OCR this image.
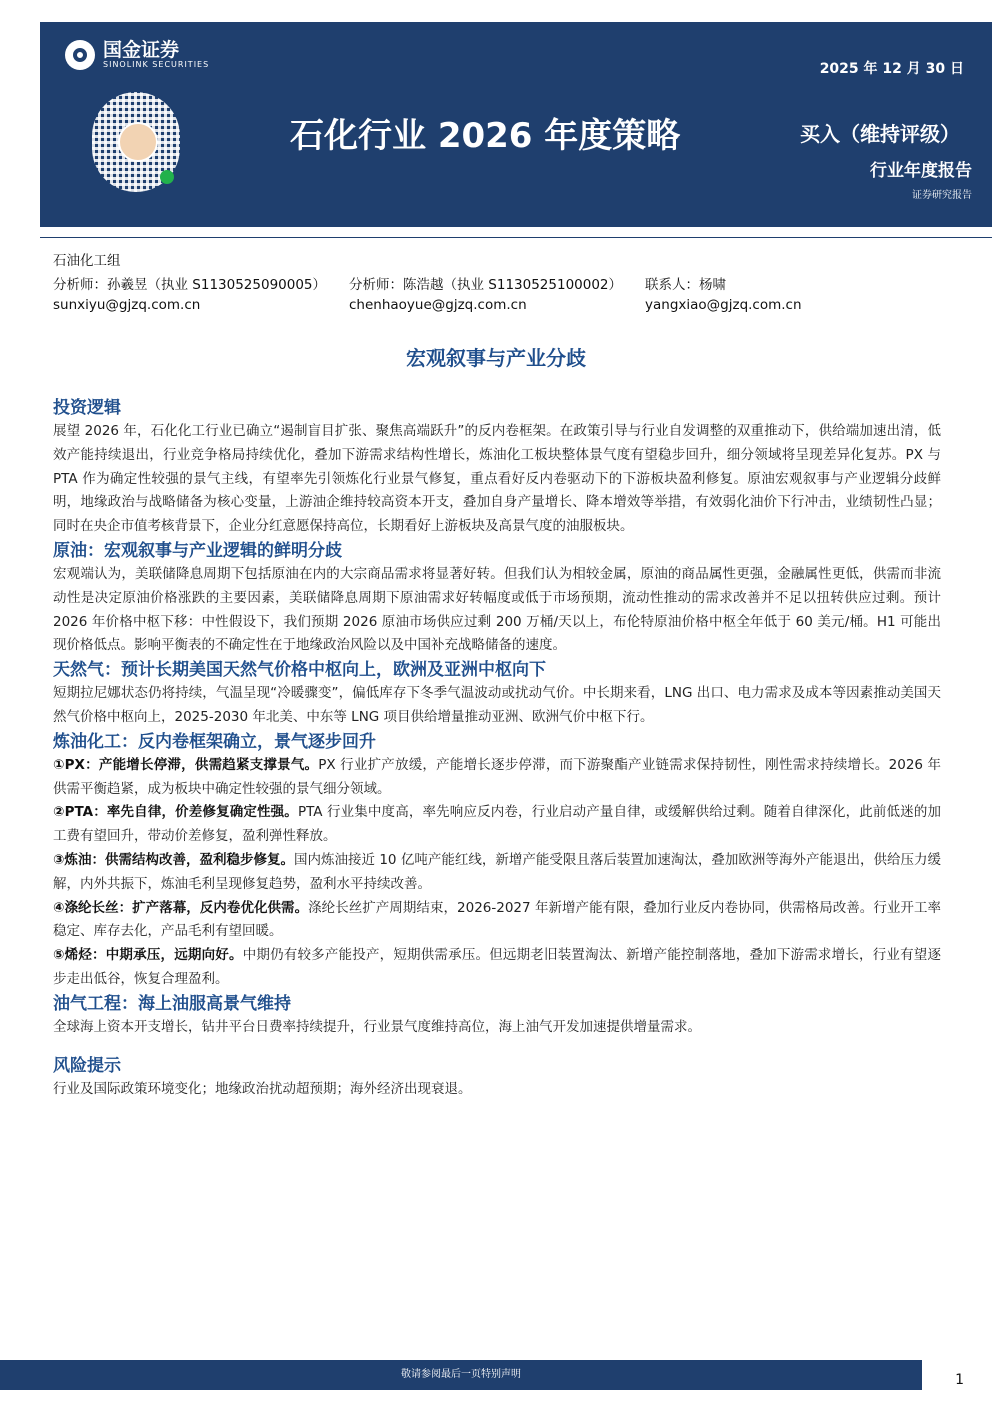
国金证券
SINOLINK SECURITIES	2025 年 12 月 30 日
石化行业 2026 年度策略	买入（维持评级）
行业年度报告
证券研究报告
石油化工组
分析师：孙羲昱（执业 S1130525090005）	分析师：陈浩越（执业 S1130525100002）	联系人：杨啸
sunxiyu@gjzq.com.cn	chenhaoyue@gjzq.com.cn	yangxiao@gjzq.com.cn
宏观叙事与产业分歧
投资逻辑

展望 2026 年，石化化工行业已确立“遏制盲目扩张、聚焦高端跃升”的反内卷框架。在政策引导与行业自发调整的双重推动下，供给端加速出清，低效产能持续退出，行业竞争格局持续优化，叠加下游需求结构性增长，炼油化工板块整体景气度有望稳步回升，细分领域将呈现差异化复苏。PX 与 PTA 作为确定性较强的景气主线，有望率先引领炼化行业景气修复，重点看好反内卷驱动下的下游板块盈利修复。原油宏观叙事与产业逻辑分歧鲜明，地缘政治与战略储备为核心变量，上游油企维持较高资本开支，叠加自身产量增长、降本增效等举措，有效弱化油价下行冲击，业绩韧性凸显；同时在央企市值考核背景下，企业分红意愿保持高位，长期看好上游板块及高景气度的油服板块。

原油：宏观叙事与产业逻辑的鲜明分歧

宏观端认为，美联储降息周期下包括原油在内的大宗商品需求将显著好转。但我们认为相较金属，原油的商品属性更强，金融属性更低，供需而非流动性是决定原油价格涨跌的主要因素，美联储降息周期下原油需求好转幅度或低于市场预期，流动性推动的需求改善并不足以扭转供应过剩。预计 2026 年价格中枢下移：中性假设下，我们预期 2026 原油市场供应过剩 200 万桶/天以上，布伦特原油价格中枢全年低于 60 美元/桶。H1 可能出现价格低点。影响平衡表的不确定性在于地缘政治风险以及中国补充战略储备的速度。

天然气：预计长期美国天然气价格中枢向上，欧洲及亚洲中枢向下

短期拉尼娜状态仍将持续，气温呈现“冷暖骤变”，偏低库存下冬季气温波动或扰动气价。中长期来看，LNG 出口、电力需求及成本等因素推动美国天然气价格中枢向上，2025-2030 年北美、中东等 LNG 项目供给增量推动亚洲、欧洲气价中枢下行。

炼油化工：反内卷框架确立，景气逐步回升

①PX：产能增长停滞，供需趋紧支撑景气。PX 行业扩产放缓，产能增长逐步停滞，而下游聚酯产业链需求保持韧性，刚性需求持续增长。2026 年供需平衡趋紧，成为板块中确定性较强的景气细分领域。

②PTA：率先自律，价差修复确定性强。PTA 行业集中度高，率先响应反内卷，行业启动产量自律，或缓解供给过剩。随着自律深化，此前低迷的加工费有望回升，带动价差修复，盈利弹性释放。

③炼油：供需结构改善，盈利稳步修复。国内炼油接近 10 亿吨产能红线，新增产能受限且落后装置加速淘汰，叠加欧洲等海外产能退出，供给压力缓解，内外共振下，炼油毛利呈现修复趋势，盈利水平持续改善。

④涤纶长丝：扩产落幕，反内卷优化供需。涤纶长丝扩产周期结束，2026-2027 年新增产能有限，叠加行业反内卷协同，供需格局改善。行业开工率稳定、库存去化，产品毛利有望回暖。

⑤烯烃：中期承压，远期向好。中期仍有较多产能投产，短期供需承压。但远期老旧装置淘汰、新增产能控制落地，叠加下游需求增长，行业有望逐步走出低谷，恢复合理盈利。

油气工程：海上油服高景气维持

全球海上资本开支增长，钻井平台日费率持续提升，行业景气度维持高位，海上油气开发加速提供增量需求。

风险提示

行业及国际政策环境变化；地缘政治扰动超预期；海外经济出现衰退。

敬请参阅最后一页特别声明	1
